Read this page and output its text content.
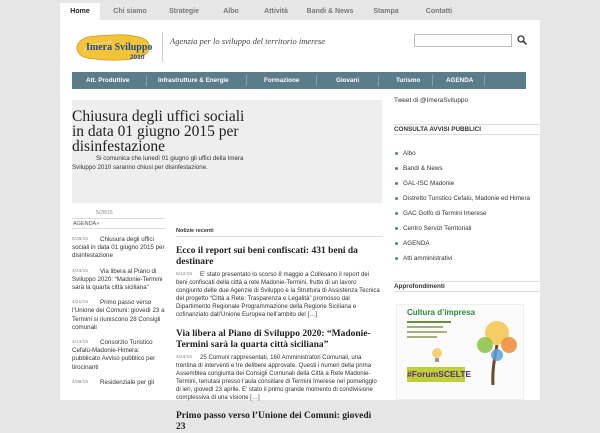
Home	Chi siamo	Strategie	Albo	Attività	Bandi & News	Stampa	Contatti
Imera Sviluppo
2010
Agenzia per lo sviluppo del territorio imerese
Att. Produttive	Infrastrutture & Energie	Formazione	Giovani	Turismo	AGENDA
Chiusura degli uffici sociali in data 01 giugno 2015 per disinfestazione
5/28/15
Si comunica che lunedì 01 giugno gli uffici della Imera Sviluppo 2010 saranno chiusi per disinfestazione.
Tweet di @ImeraSviluppo
CONSULTA AVVISI PUBBLICI
Albo
Bandi & News
GAL-ISC Madonie
Distretto Turistico Cefalù, Madonie ed Himera
GAC Golfo di Termini Imerese
Centro Servizi Territoriali
AGENDA
Atti amministrativi
Approfondimenti
Cultura d’impresa
#ForumSCELTE
AGENDA»
5/28/15 Chiusura degli uffici sociali in data 01 giugno 2015 per disinfestazione
4/24/15 Via libera al Piano di Sviluppo 2020: “Madonie-Termini sarà la quarta città siciliana”
4/21/15 Primo passo verso l’Unione dei Comuni: giovedì 23 a Termini si riuniscono 28 Consigli comunali
4/13/15 Consorzio Turistico Cefalù-Madonie-Himera: pubblicato Avviso pubblico per tirocinanti
4/09/15 Residenziale per gli
Notizie recenti
Ecco il report sui beni confiscati: 431 beni da destinare
5/12/15 E’ stato presentato lo scorso 8 maggio a Collesano il report dei beni confiscati della città a rete Madonie-Termini, frutto di un lavoro congiunto delle due Agenzie di Sviluppo e la Struttura di Assistenza Tecnica del progetto “Città a Rete: Trasparenza e Legalità” promosso dal Dipartimento Regionale Programmazione della Regione Siciliana e cofinanziato dall’Unione Europea nell’ambito del […]
Via libera al Piano di Sviluppo 2020: “Madonie-Termini sarà la quarta città siciliana”
4/24/15 25 Comuni rappresentati, 160 Amministratori Comunali, una trentina di interventi e tre delibere approvate. Questi i numeri della prima Assemblea congiunta dei Consigli Comunali della Città a Rete Madonie-Termini, tenutasi presso l’aula consiliare di Termini Imerese nel pomeriggio di ieri, giovedì 23 aprile. E’ stato il primo grande momento di condivisione complessiva di una visione […]
Primo passo verso l’Unione dei Comuni: giovedì 23
